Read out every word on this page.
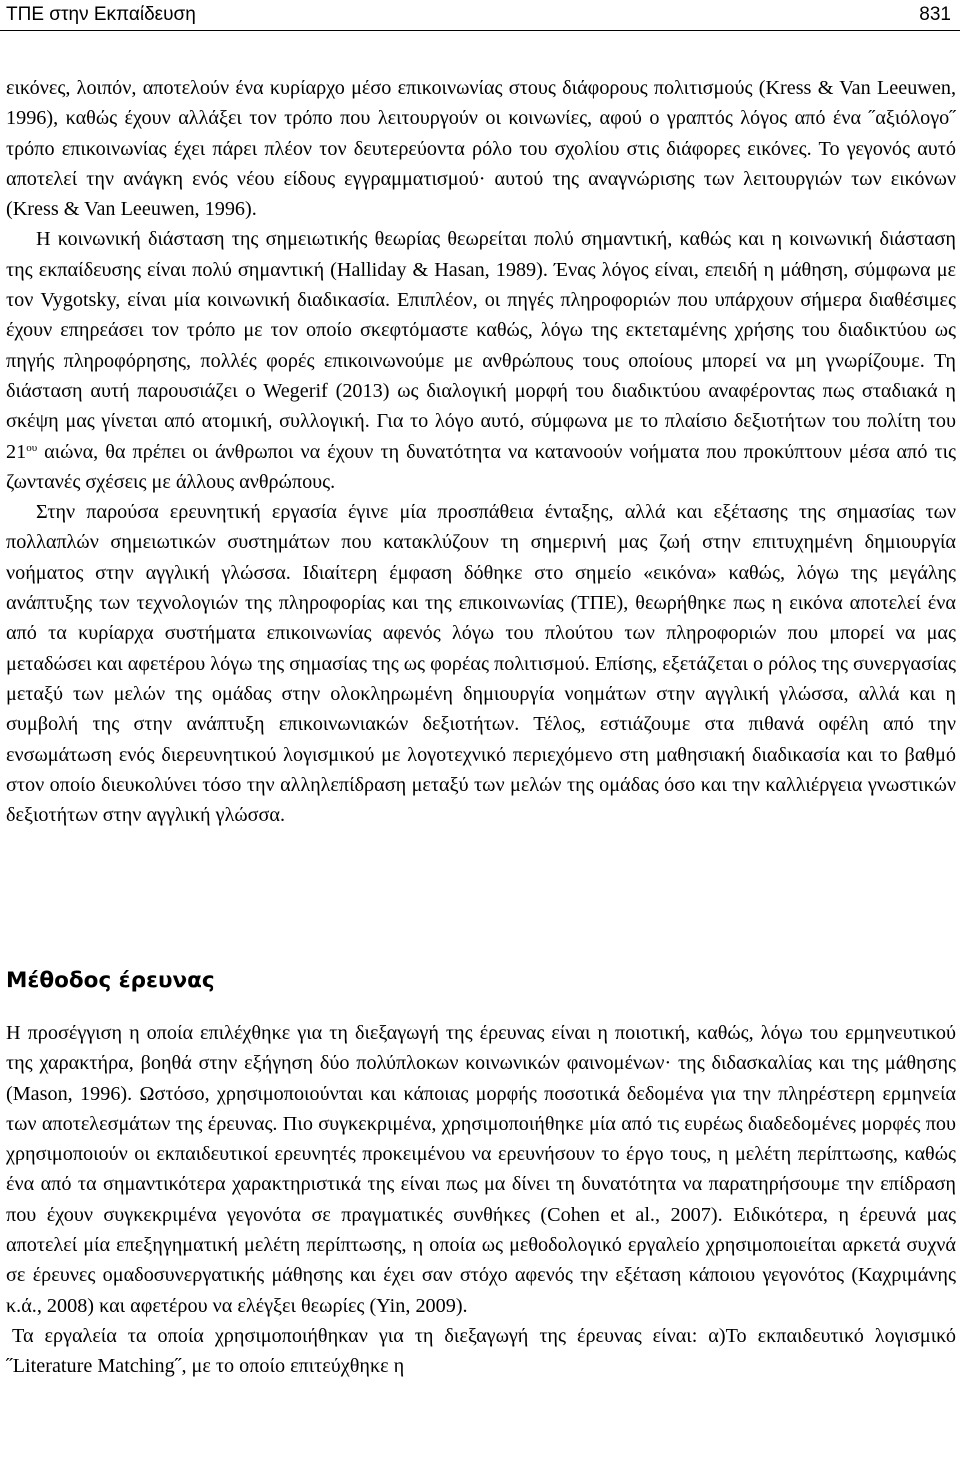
ΤΠΕ στην Εκπαίδευση	831

εικόνες, λοιπόν, αποτελούν ένα κυρίαρχο μέσο επικοινωνίας στους διάφορους πολιτισμούς (Kress & Van Leeuwen, 1996), καθώς έχουν αλλάξει τον τρόπο που λειτουργούν οι κοινωνίες, αφού ο γραπτός λόγος από ένα ˝αξιόλογο˝ τρόπο επικοινωνίας έχει πάρει πλέον τον δευτερεύοντα ρόλο του σχολίου στις διάφορες εικόνες. Το γεγονός αυτό αποτελεί την ανάγκη ενός νέου είδους εγγραμματισμού· αυτού της αναγνώρισης των λειτουργιών των εικόνων (Kress & Van Leeuwen, 1996).

Η κοινωνική διάσταση της σημειωτικής θεωρίας θεωρείται πολύ σημαντική, καθώς και η κοινωνική διάσταση της εκπαίδευσης είναι πολύ σημαντική (Halliday & Hasan, 1989). Ένας λόγος είναι, επειδή η μάθηση, σύμφωνα με τον Vygotsky, είναι μία κοινωνική διαδικασία. Επιπλέον, οι πηγές πληροφοριών που υπάρχουν σήμερα διαθέσιμες έχουν επηρεάσει τον τρόπο με τον οποίο σκεφτόμαστε καθώς, λόγω της εκτεταμένης χρήσης του διαδικτύου ως πηγής πληροφόρησης, πολλές φορές επικοινωνούμε με ανθρώπους τους οποίους μπορεί να μη γνωρίζουμε. Τη διάσταση αυτή παρουσιάζει ο Wegerif (2013) ως διαλογική μορφή του διαδικτύου αναφέροντας πως σταδιακά η σκέψη μας γίνεται από ατομική, συλλογική. Για το λόγο αυτό, σύμφωνα με το πλαίσιο δεξιοτήτων του πολίτη του $21^{o\upsilon}$ αιώνα, θα πρέπει οι άνθρωποι να έχουν τη δυνατότητα να κατανοούν νοήματα που προκύπτουν μέσα από τις ζωντανές σχέσεις με άλλους ανθρώπους.

Στην παρούσα ερευνητική εργασία έγινε μία προσπάθεια ένταξης, αλλά και εξέτασης της σημασίας των πολλαπλών σημειωτικών συστημάτων που κατακλύζουν τη σημερινή μας ζωή στην επιτυχημένη δημιουργία νοήματος στην αγγλική γλώσσα. Ιδιαίτερη έμφαση δόθηκε στο σημείο «εικόνα» καθώς, λόγω της μεγάλης ανάπτυξης των τεχνολογιών της πληροφορίας και της επικοινωνίας (ΤΠΕ), θεωρήθηκε πως η εικόνα αποτελεί ένα από τα κυρίαρχα συστήματα επικοινωνίας αφενός λόγω του πλούτου των πληροφοριών που μπορεί να μας μεταδώσει και αφετέρου λόγω της σημασίας της ως φορέας πολιτισμού. Επίσης, εξετάζεται ο ρόλος της συνεργασίας μεταξύ των μελών της ομάδας στην ολοκληρωμένη δημιουργία νοημάτων στην αγγλική γλώσσα, αλλά και η συμβολή της στην ανάπτυξη επικοινωνιακών δεξιοτήτων. Τέλος, εστιάζουμε στα πιθανά οφέλη από την ενσωμάτωση ενός διερευνητικού λογισμικού με λογοτεχνικό περιεχόμενο στη μαθησιακή διαδικασία και το βαθμό στον οποίο διευκολύνει τόσο την αλληλεπίδραση μεταξύ των μελών της ομάδας όσο και την καλλιέργεια γνωστικών δεξιοτήτων στην αγγλική γλώσσα.

Μέθοδος έρευνας

Η προσέγγιση η οποία επιλέχθηκε για τη διεξαγωγή της έρευνας είναι η ποιοτική, καθώς, λόγω του ερμηνευτικού της χαρακτήρα, βοηθά στην εξήγηση δύο πολύπλοκων κοινωνικών φαινομένων· της διδασκαλίας και της μάθησης (Mason, 1996). Ωστόσο, χρησιμοποιούνται και κάποιας μορφής ποσοτικά δεδομένα για την πληρέστερη ερμηνεία των αποτελεσμάτων της έρευνας. Πιο συγκεκριμένα, χρησιμοποιήθηκε μία από τις ευρέως διαδεδομένες μορφές που χρησιμοποιούν οι εκπαιδευτικοί ερευνητές προκειμένου να ερευνήσουν το έργο τους, η μελέτη περίπτωσης, καθώς ένα από τα σημαντικότερα χαρακτηριστικά της είναι πως μα δίνει τη δυνατότητα να παρατηρήσουμε την επίδραση που έχουν συγκεκριμένα γεγονότα σε πραγματικές συνθήκες (Cohen et al., 2007). Ειδικότερα, η έρευνά μας αποτελεί μία επεξηγηματική μελέτη περίπτωσης, η οποία ως μεθοδολογικό εργαλείο χρησιμοποιείται αρκετά συχνά σε έρευνες ομαδοσυνεργατικής μάθησης και έχει σαν στόχο αφενός την εξέταση κάποιου γεγονότος (Καχριμάνης κ.ά., 2008) και αφετέρου να ελέγξει θεωρίες (Yin, 2009).

Τα εργαλεία τα οποία χρησιμοποιήθηκαν για τη διεξαγωγή της έρευνας είναι: α)Το εκπαιδευτικό λογισμικό ˝Literature Matching˝, με το οποίο επιτεύχθηκε η
